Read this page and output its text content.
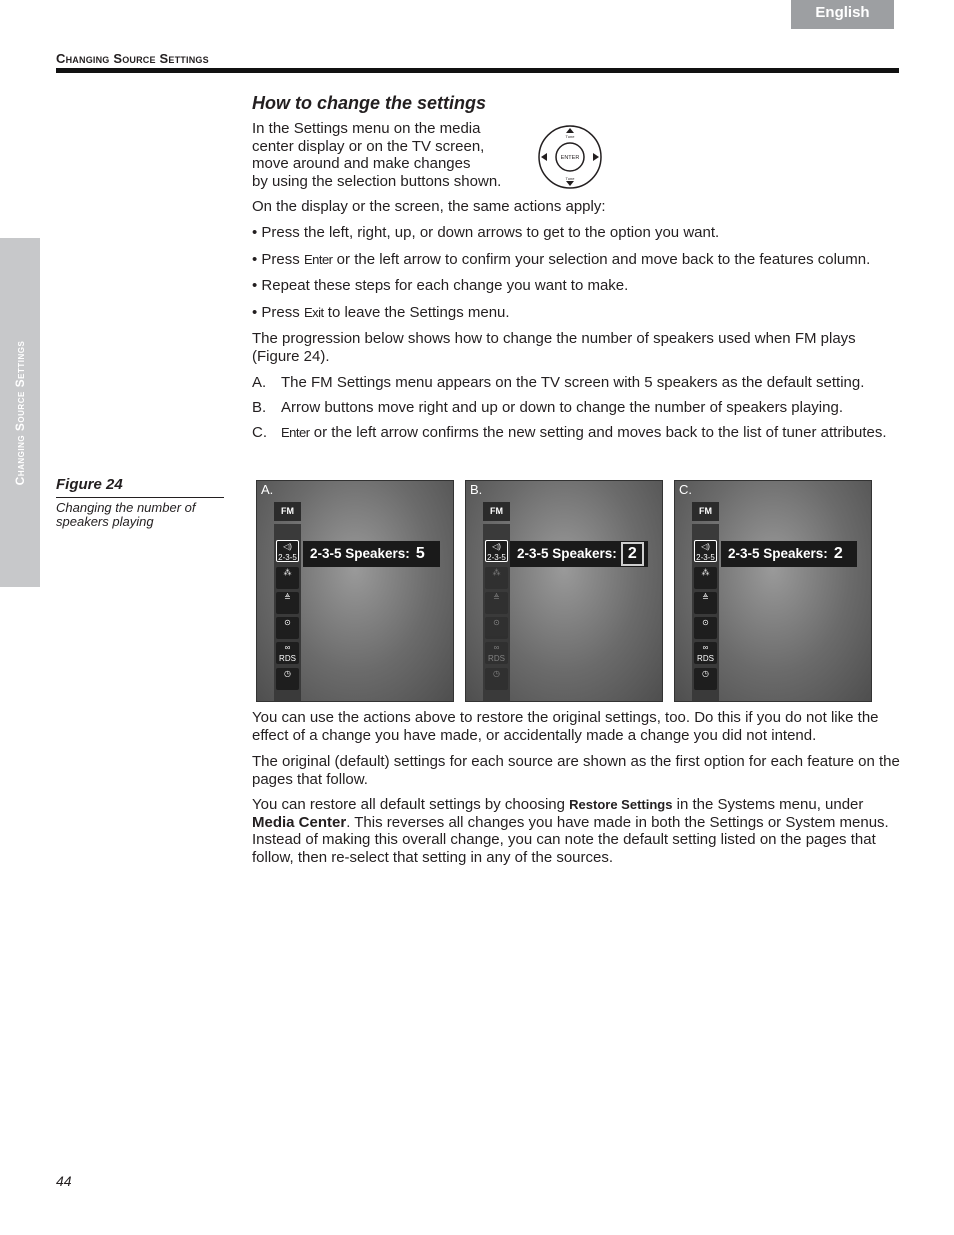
English
Changing Source Settings
Changing Source Settings
How to change the settings
In the Settings menu on the media
center display or on the TV screen,
move around and make changes
by using the selection buttons shown.
ENTER
Tune
Tune
On the display or the screen, the same actions apply:
• Press the left, right, up, or down arrows to get to the option you want.
• Press Enter or the left arrow to confirm your selection and move back to the features column.
• Repeat these steps for each change you want to make.
• Press Exit to leave the Settings menu.
The progression below shows how to change the number of speakers used when FM plays (Figure 24).
A. The FM Settings menu appears on the TV screen with 5 speakers as the default setting.
B. Arrow buttons move right and up or down to change the number of speakers playing.
C. Enter or the left arrow confirms the new setting and moves back to the list of tuner attributes.
Figure 24
Changing the number of speakers playing
A.
FM
◁)
2-3-5
⁂
≜
⊙
∞
RDS
◷
2-3-5 Speakers: 5
B.
FM
◁)
2-3-5
⁂
≜
⊙
∞
RDS
◷
2-3-5 Speakers: 2
C.
FM
◁)
2-3-5
⁂
≜
⊙
∞
RDS
◷
2-3-5 Speakers: 2
You can use the actions above to restore the original settings, too. Do this if you do not like the effect of a change you have made, or accidentally made a change you did not intend.
The original (default) settings for each source are shown as the first option for each feature on the pages that follow.
You can restore all default settings by choosing Restore Settings in the Systems menu, under Media Center. This reverses all changes you have made in both the Settings or System menus. Instead of making this overall change, you can note the default setting listed on the pages that follow, then re-select that setting in any of the sources.
44
